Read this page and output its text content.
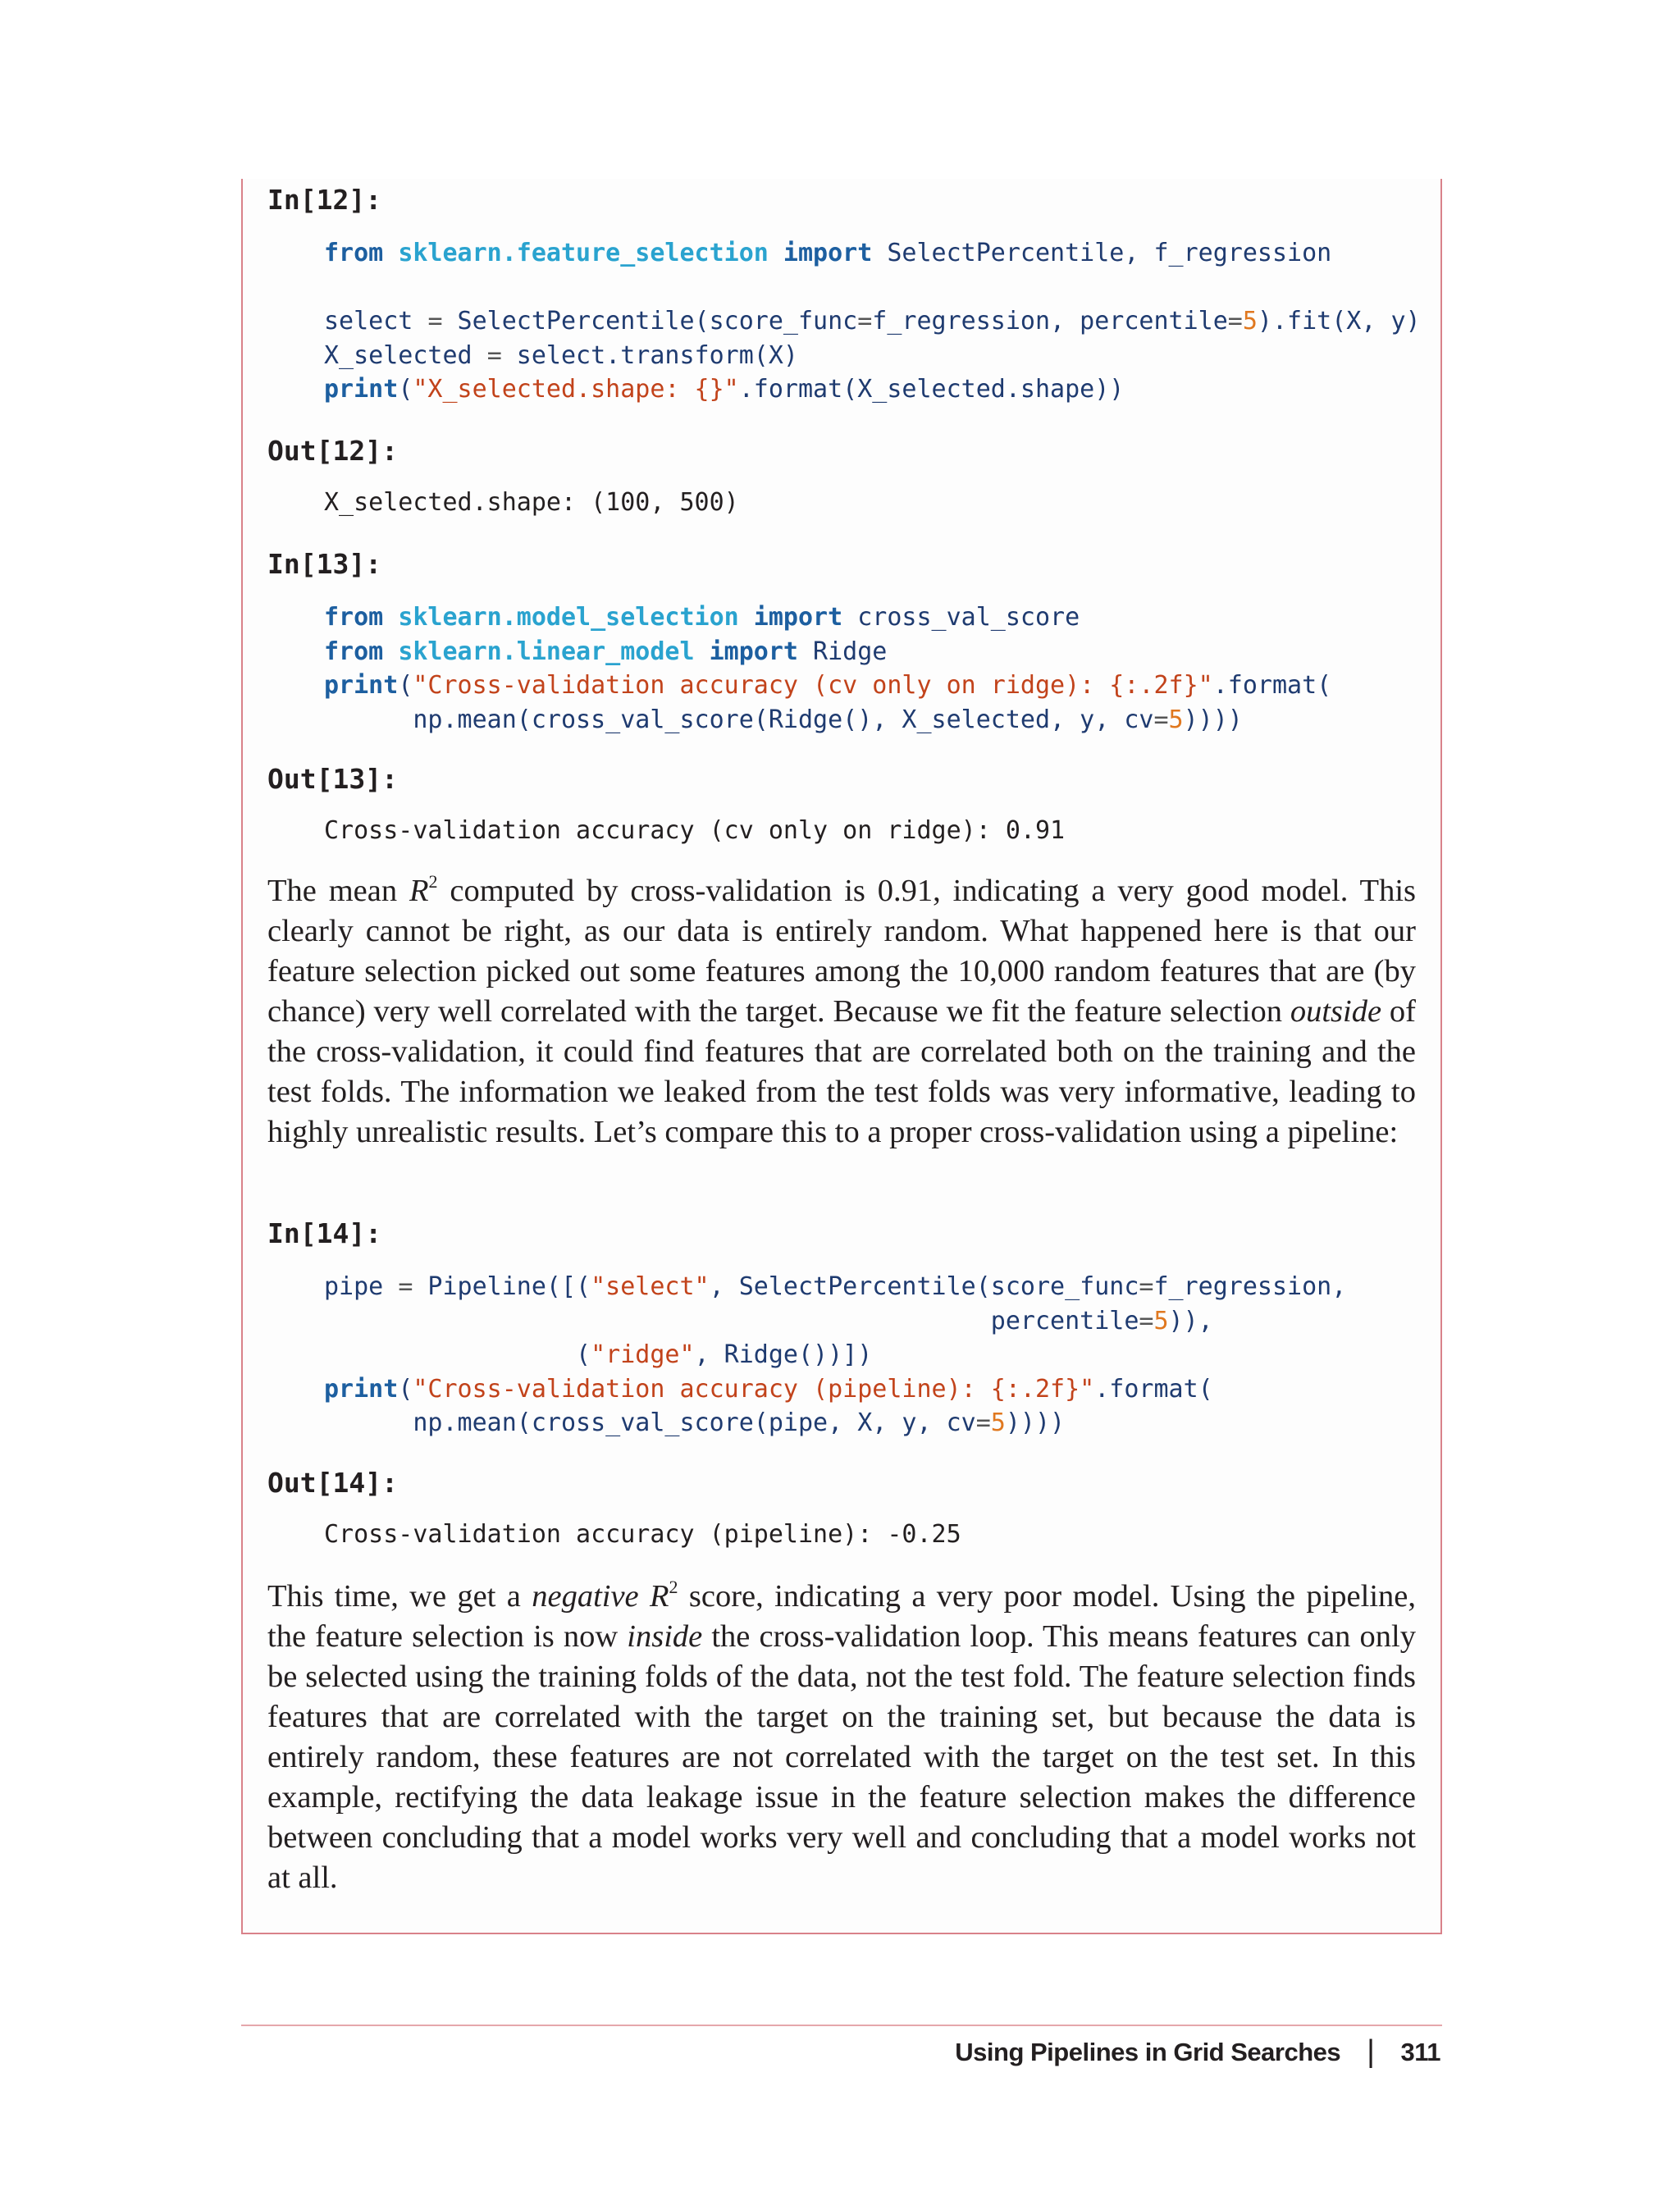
In[12]:
from sklearn.feature_selection import SelectPercentile, f_regression

select = SelectPercentile(score_func=f_regression, percentile=5).fit(X, y)
X_selected = select.transform(X)
print("X_selected.shape: {}".format(X_selected.shape))
Out[12]:
X_selected.shape: (100, 500)
In[13]:
from sklearn.model_selection import cross_val_score
from sklearn.linear_model import Ridge
print("Cross-validation accuracy (cv only on ridge): {:.2f}".format(
np.mean(cross_val_score(Ridge(), X_selected, y, cv=5))))
Out[13]:
Cross-validation accuracy (cv only on ridge): 0.91

The mean $R^2$ computed by cross-validation is 0.91, indicating a very good model. This clearly cannot be right, as our data is entirely random. What happened here is that our feature selection picked out some features among the 10,000 random features that are (by chance) very well correlated with the target. Because we fit the feature selection outside of the cross-validation, it could find features that are correlated both on the training and the test folds. The information we leaked from the test folds was very informative, leading to highly unrealistic results. Let’s compare this to a proper cross-validation using a pipeline:

In[14]:
pipe = Pipeline([("select", SelectPercentile(score_func=f_regression,
percentile=5)),
("ridge", Ridge())])
print("Cross-validation accuracy (pipeline): {:.2f}".format(
np.mean(cross_val_score(pipe, X, y, cv=5))))
Out[14]:
Cross-validation accuracy (pipeline): -0.25

This time, we get a negative $R^2$ score, indicating a very poor model. Using the pipeline, the feature selection is now inside the cross-validation loop. This means features can only be selected using the training folds of the data, not the test fold. The feature selection finds features that are correlated with the target on the training set, but because the data is entirely random, these features are not correlated with the target on the test set. In this example, rectifying the data leakage issue in the feature selection makes the difference between concluding that a model works very well and concluding that a model works not at all.

Using Pipelines in Grid Searches | 311
